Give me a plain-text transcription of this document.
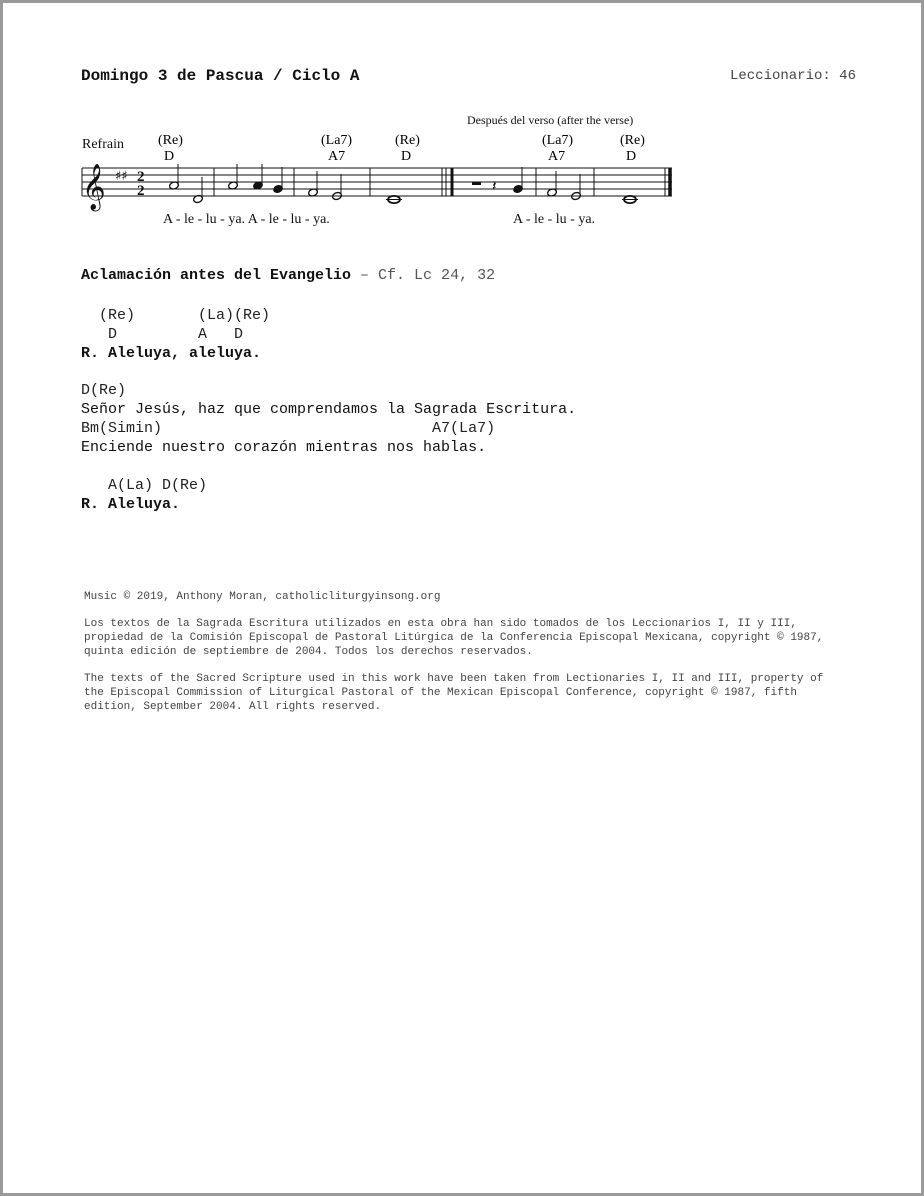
Domingo 3 de Pascua / Ciclo A	Leccionario: 46
Refrain
Después del verso (after the verse)
(Re)
D
(La7)
A7
(Re)
D
(La7)
A7
(Re)
D
𝄞 ♯♯ 2
2	𝄽
A - le - lu - ya. A - le - lu - ya.	A - le - lu - ya.
Aclamación antes del Evangelio – Cf. Lc 24, 32
(Re)       (La)(Re)
D         A   D
R. Aleluya, aleluya.
D(Re)
Señor Jesús, haz que comprendamos la Sagrada Escritura.
Bm(Simin)                              A7(La7)
Enciende nuestro corazón mientras nos hablas.
A(La) D(Re)
R. Aleluya.
Music © 2019, Anthony Moran, catholicliturgyinsong.org
Los textos de la Sagrada Escritura utilizados en esta obra han sido tomados de los Leccionarios I, II y III, propiedad de la Comisión Episcopal de Pastoral Litúrgica de la Conferencia Episcopal Mexicana, copyright © 1987, quinta edición de septiembre de 2004. Todos los derechos reservados.
The texts of the Sacred Scripture used in this work have been taken from Lectionaries I, II and III, property of the Episcopal Commission of Liturgical Pastoral of the Mexican Episcopal Conference, copyright © 1987, fifth edition, September 2004. All rights reserved.
